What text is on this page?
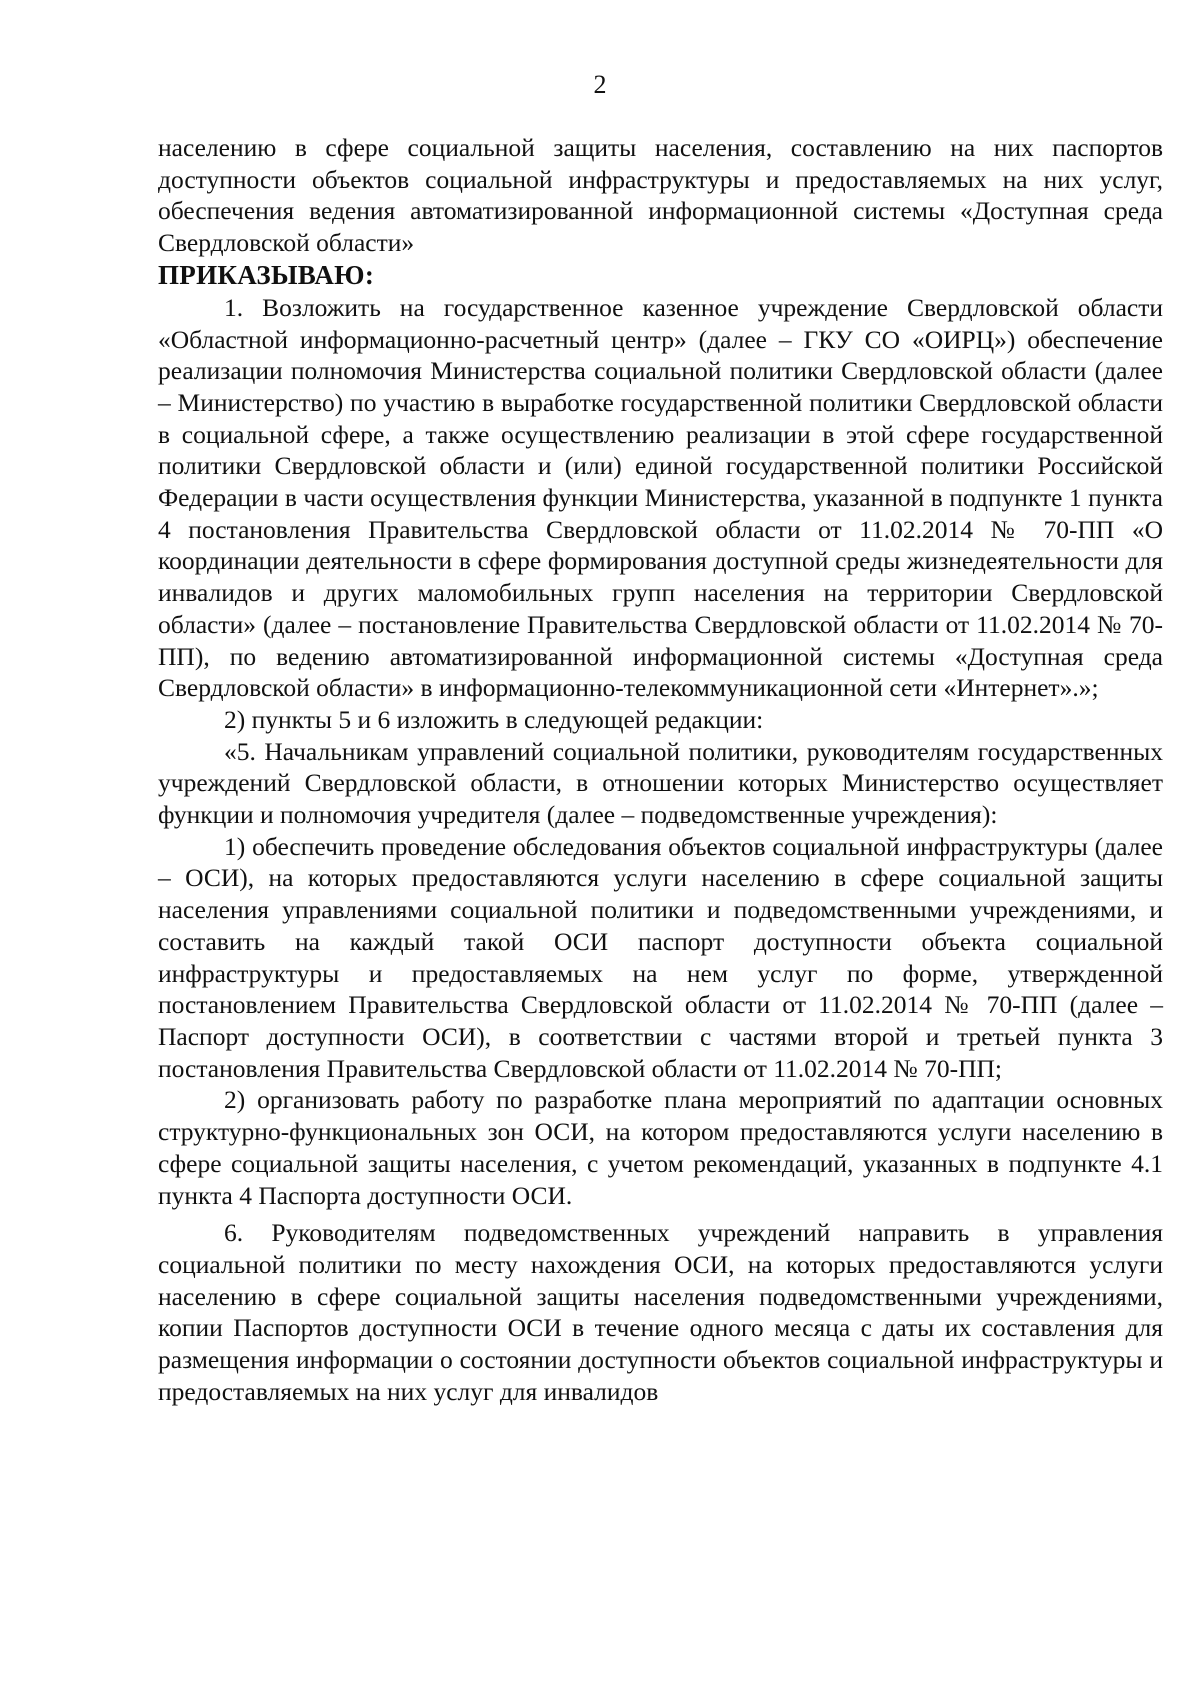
2

населению в сфере социальной защиты населения, составлению на них паспортов доступности объектов социальной инфраструктуры и предоставляемых на них услуг, обеспечения ведения автоматизированной информационной системы «Доступная среда Свердловской области»

ПРИКАЗЫВАЮ:

1. Возложить на государственное казенное учреждение Свердловской области «Областной информационно-расчетный центр» (далее – ГКУ СО «ОИРЦ») обеспечение реализации полномочия Министерства социальной политики Свердловской области (далее – Министерство) по участию в выработке государственной политики Свердловской области в социальной сфере, а также осуществлению реализации в этой сфере государственной политики Свердловской области и (или) единой государственной политики Российской Федерации в части осуществления функции Министерства, указанной в подпункте 1 пункта 4 постановления Правительства Свердловской области от 11.02.2014 № 70-ПП «О координации деятельности в сфере формирования доступной среды жизнедеятельности для инвалидов и других маломобильных групп населения на территории Свердловской области» (далее – постановление Правительства Свердловской области от 11.02.2014 № 70-ПП), по ведению автоматизированной информационной системы «Доступная среда Свердловской области» в информационно-телекоммуникационной сети «Интернет».»;

2) пункты 5 и 6 изложить в следующей редакции:

«5. Начальникам управлений социальной политики, руководителям государственных учреждений Свердловской области, в отношении которых Министерство осуществляет функции и полномочия учредителя (далее – подведомственные учреждения):

1) обеспечить проведение обследования объектов социальной инфраструктуры (далее – ОСИ), на которых предоставляются услуги населению в сфере социальной защиты населения управлениями социальной политики и подведомственными учреждениями, и составить на каждый такой ОСИ паспорт доступности объекта социальной инфраструктуры и предоставляемых на нем услуг по форме, утвержденной постановлением Правительства Свердловской области от 11.02.2014 № 70-ПП (далее – Паспорт доступности ОСИ), в соответствии с частями второй и третьей пункта 3 постановления Правительства Свердловской области от 11.02.2014 № 70-ПП;

2) организовать работу по разработке плана мероприятий по адаптации основных структурно-функциональных зон ОСИ, на котором предоставляются услуги населению в сфере социальной защиты населения, с учетом рекомендаций, указанных в подпункте 4.1 пункта 4 Паспорта доступности ОСИ.

6. Руководителям подведомственных учреждений направить в управления социальной политики по месту нахождения ОСИ, на которых предоставляются услуги населению в сфере социальной защиты населения подведомственными учреждениями, копии Паспортов доступности ОСИ в течение одного месяца с даты их составления для размещения информации о состоянии доступности объектов социальной инфраструктуры и предоставляемых на них услуг для инвалидов
